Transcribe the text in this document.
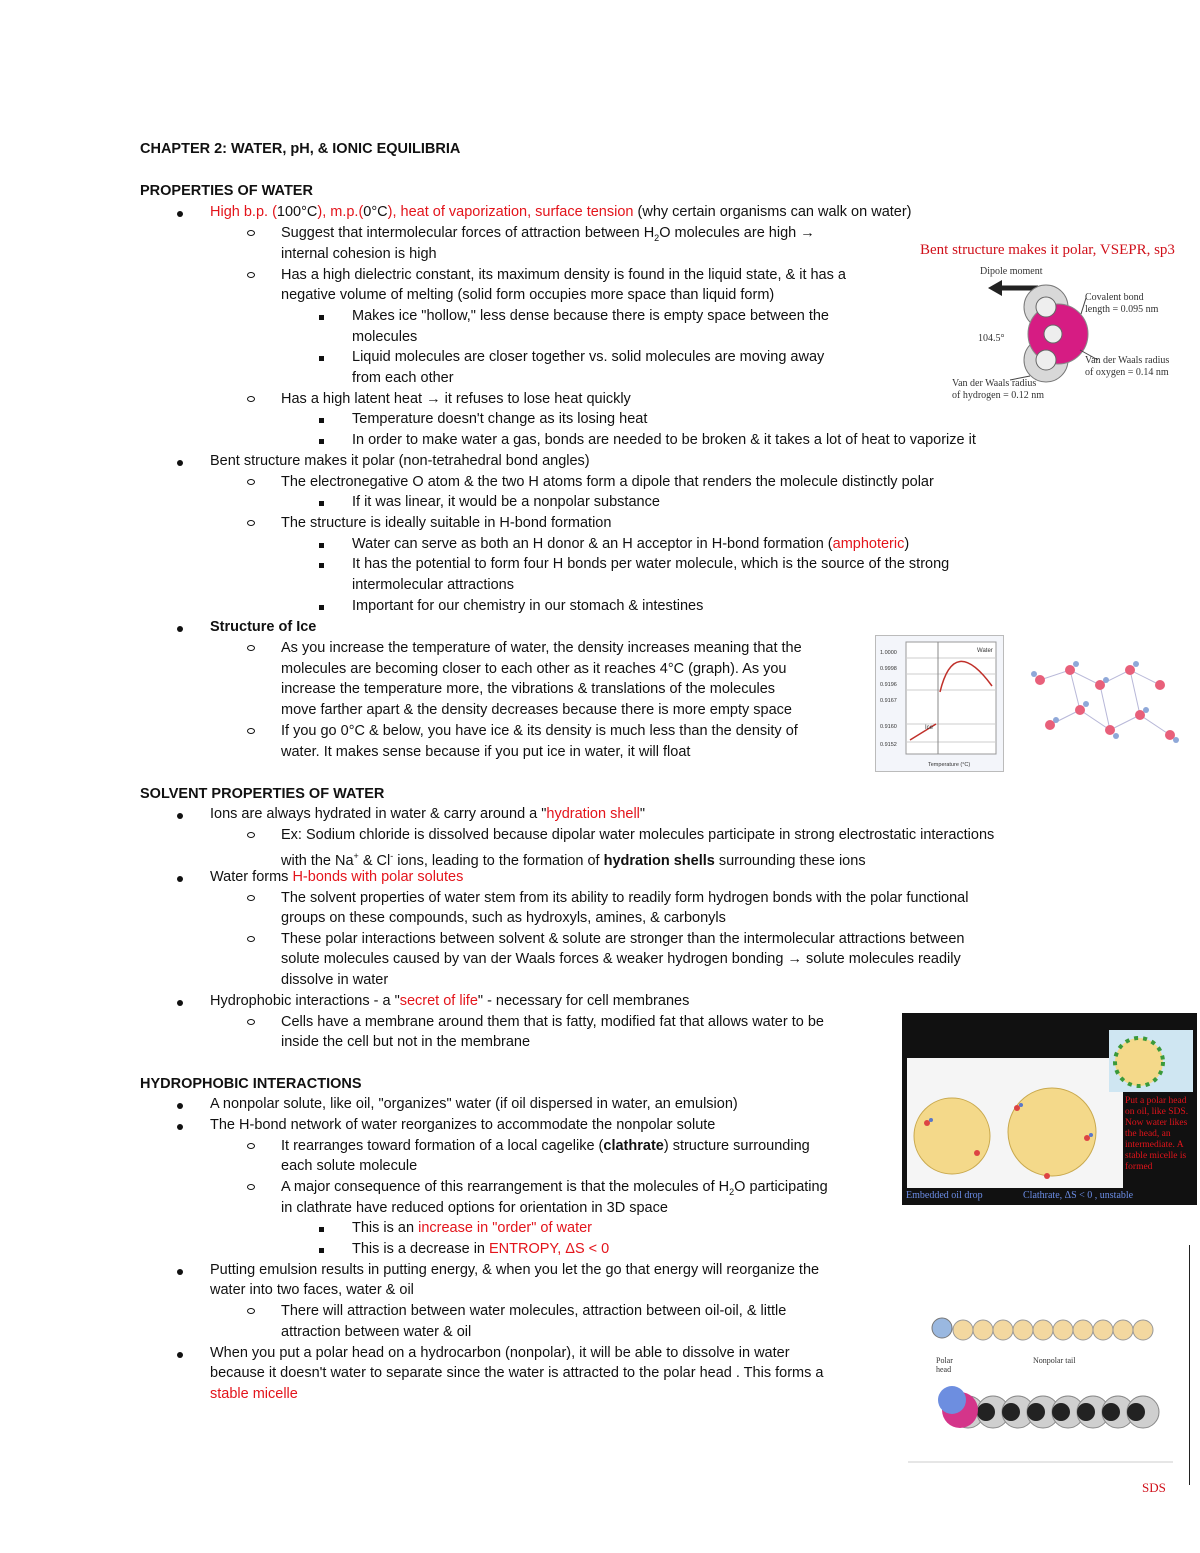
CHAPTER 2: WATER, pH, & IONIC EQUILIBRIA
PROPERTIES OF WATER
High b.p. (100°C), m.p.(0°C), heat of vaporization, surface tension (why certain organisms can walk on water)
Suggest that intermolecular forces of attraction between $H_2O$ molecules are high →
internal cohesion is high
Has a high dielectric constant, its maximum density is found in the liquid state, & it has a
negative volume of melting (solid form occupies more space than liquid form)
Makes ice "hollow," less dense because there is empty space between the
molecules
Liquid molecules are closer together vs. solid molecules are moving away
from each other
Has a high latent heat → it refuses to lose heat quickly
Temperature doesn't change as its losing heat
In order to make water a gas, bonds are needed to be broken & it takes a lot of heat to vaporize it
Bent structure makes it polar (non-tetrahedral bond angles)
The electronegative O atom & the two H atoms form a dipole that renders the molecule distinctly polar
If it was linear, it would be a nonpolar substance
The structure is ideally suitable in H-bond formation
Water can serve as both an H donor & an H acceptor in H-bond formation (amphoteric)
It has the potential to form four H bonds per water molecule, which is the source of the strong
intermolecular attractions
Important for our chemistry in our stomach & intestines
Structure of Ice
As you increase the temperature of water, the density increases meaning that the
molecules are becoming closer to each other as it reaches 4°C (graph). As you
increase the temperature more, the vibrations & translations of the molecules
move farther apart & the density decreases because there is more empty space
If you go 0°C & below, you have ice & its density is much less than the density of
water. It makes sense because if you put ice in water, it will float
SOLVENT PROPERTIES OF WATER
Ions are always hydrated in water & carry around a "hydration shell"
Ex: Sodium chloride is dissolved because dipolar water molecules participate in strong electrostatic interactions
with the Na+ & Cl- ions, leading to the formation of hydration shells surrounding these ions
Water forms H-bonds with polar solutes
The solvent properties of water stem from its ability to readily form hydrogen bonds with the polar functional
groups on these compounds, such as hydroxyls, amines, & carbonyls
These polar interactions between solvent & solute are stronger than the intermolecular attractions between
solute molecules caused by van der Waals forces & weaker hydrogen bonding → solute molecules readily
dissolve in water
Hydrophobic interactions - a "secret of life" - necessary for cell membranes
Cells have a membrane around them that is fatty, modified fat that allows water to be
inside the cell but not in the membrane
HYDROPHOBIC INTERACTIONS
A nonpolar solute, like oil, "organizes" water (if oil dispersed in water, an emulsion)
The H-bond network of water reorganizes to accommodate the nonpolar solute
It rearranges toward formation of a local cagelike (clathrate) structure surrounding
each solute molecule
A major consequence of this rearrangement is that the molecules of $H_2O$ participating
in clathrate have reduced options for orientation in 3D space
This is an increase in "order" of water
This is a decrease in ENTROPY, ΔS < 0
Putting emulsion results in putting energy, & when you let the go that energy will reorganize the
water into two faces, water & oil
There will attraction between water molecules, attraction between oil-oil, & little
attraction between water & oil
When you put a polar head on a hydrocarbon (nonpolar), it will be able to dissolve in water
because it doesn't water to separate since the water is attracted to the polar head . This forms a
stable micelle
Bent structure makes it polar, VSEPR, sp3
Dipole moment
104.5°
Covalent bond
length = 0.095 nm
Van der Waals radius
of oxygen = 0.14 nm
Van der Waals radius
of hydrogen = 0.12 nm
Water
Ice
1.0000
0.9998
0.9196
0.9167
0.9160
0.9152
Temperature (°C)
Put a polar head on oil, like SDS. Now water likes the head, an intermediate. A stable micelle is formed
Embedded oil drop	Clathrate, ΔS < 0 , unstable
Polar head
Nonpolar tail
SDS
